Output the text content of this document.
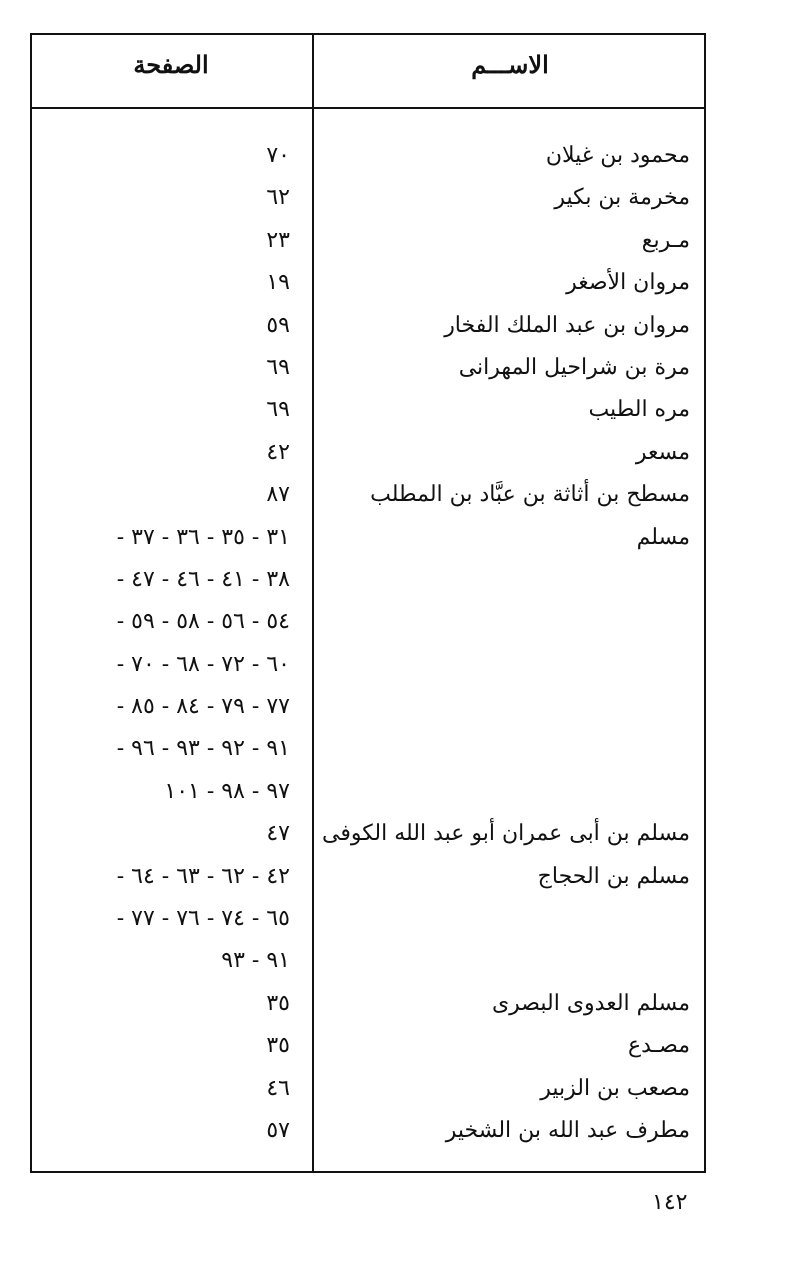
الاســـم
الصفحة
محمود بن غيلان
٧٠
مخرمة بن بكير
٦٢
مـربع
٢٣
مروان الأصغر
١٩
مروان بن عبد الملك الفخار
٥٩
مرة بن شراحيل المهرانى
٦٩
مره الطيب
٦٩
مسعر
٤٢
مسطح بن أثاثة بن عبَّاد بن المطلب
٨٧
مسلم
٣١ - ٣٥ - ٣٦ - ٣٧ -
٣٨ - ٤١ - ٤٦ - ٤٧ -
٥٤ - ٥٦ - ٥٨ - ٥٩ -
٦٠ - ٧٢ - ٦٨ - ٧٠ -
٧٧ - ٧٩ - ٨٤ - ٨٥ -
٩١ - ٩٢ - ٩٣ - ٩٦ -
٩٧ - ٩٨ - ١٠١
مسلم بن أبى عمران أبو عبد الله الكوفى
٤٧
مسلم بن الحجاج
٤٢ - ٦٢ - ٦٣ - ٦٤ -
٦٥ - ٧٤ - ٧٦ - ٧٧ -
٩١ - ٩٣
مسلم العدوى البصرى
٣٥
مصـدع
٣٥
مصعب بن الزبير
٤٦
مطرف عبد الله بن الشخير
٥٧
١٤٢
